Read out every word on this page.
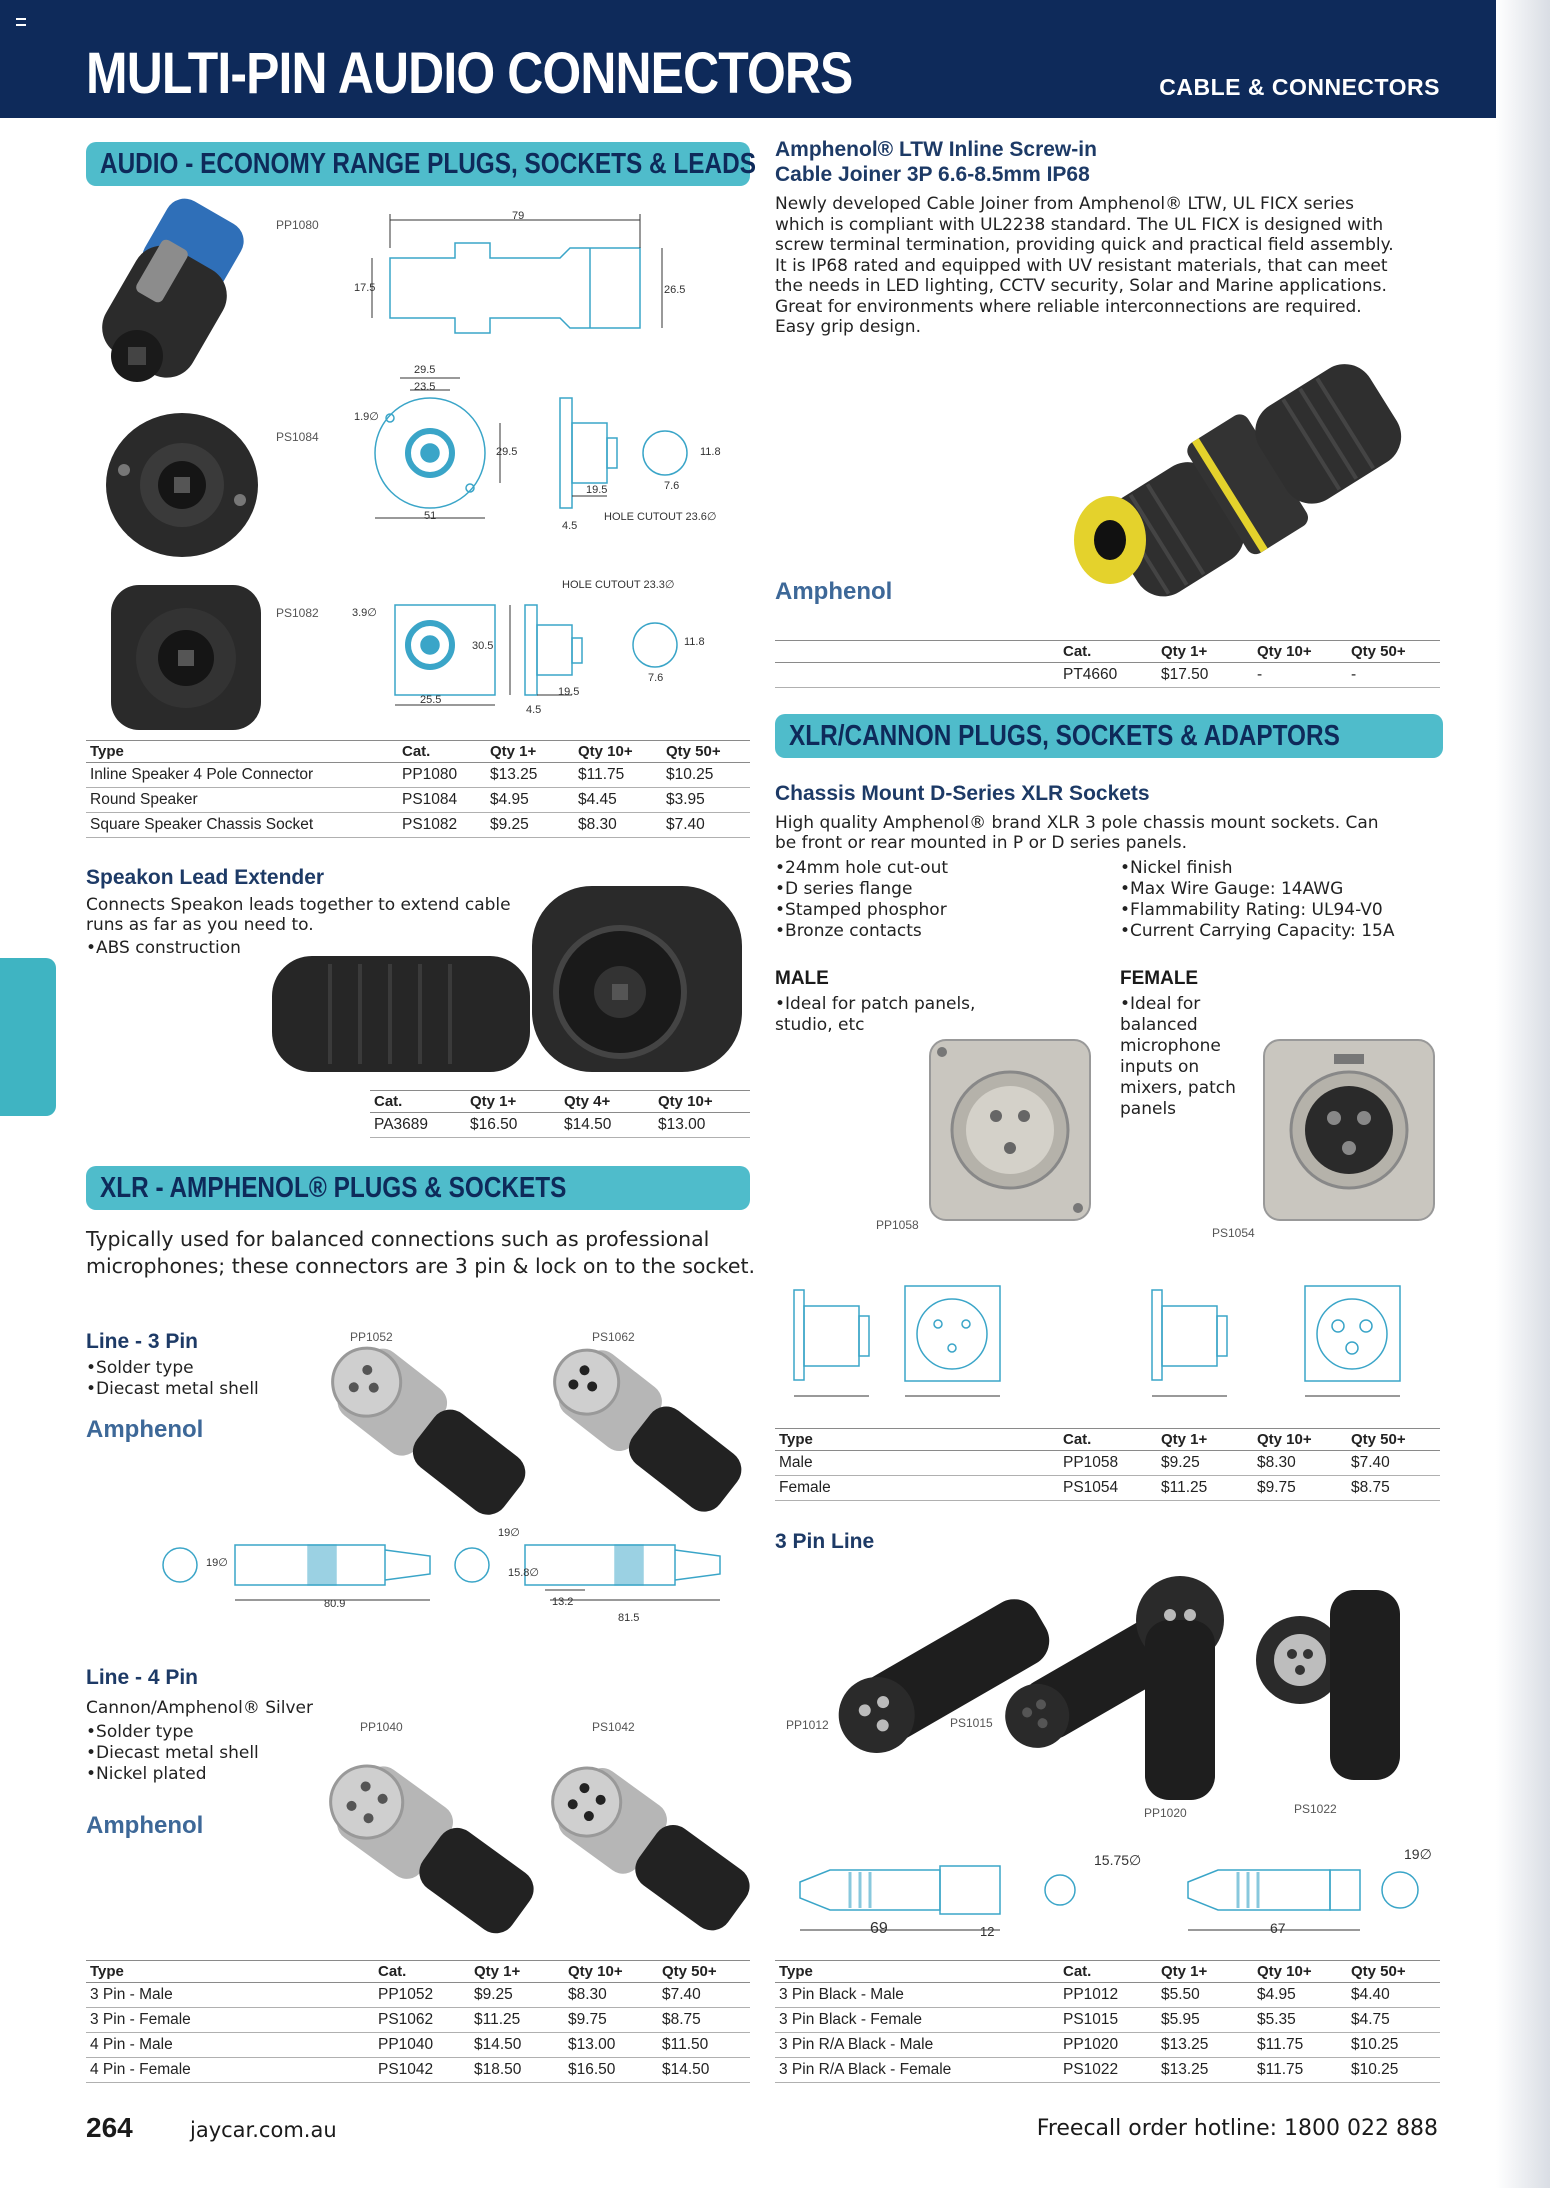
MULTI-PIN AUDIO CONNECTORS	CABLE & CONNECTORS
AUDIO - ECONOMY RANGE PLUGS, SOCKETS & LEADS
PP1080
79
17.5	26.5
PS1084
29.5
23.5
1.9∅
29.5
51
19.5
4.5
11.8
7.6
HOLE CUTOUT 23.6∅
PS1082
HOLE CUTOUT 23.3∅
3.9∅
30.5
25.5
19.5
4.5
11.8
7.6
Type	Cat.	Qty 1+	Qty 10+	Qty 50+
Inline Speaker 4 Pole Connector	PP1080	$13.25	$11.75	$10.25
Round Speaker	PS1084	$4.95	$4.45	$3.95
Square Speaker Chassis Socket	PS1082	$9.25	$8.30	$7.40
Speakon Lead Extender
Connects Speakon leads together to extend cable runs as far as you need to.
• ABS construction
Cat.	Qty 1+	Qty 4+	Qty 10+
PA3689	$16.50	$14.50	$13.00
XLR - AMPHENOL® PLUGS & SOCKETS
Typically used for balanced connections such as professional microphones; these connectors are 3 pin & lock on to the socket.
Line - 3 Pin
• Solder type
• Diecast metal shell
Amphenol
PP1052	PS1062
19∅
80.9
19∅
15.8∅
13.2
81.5
Line - 4 Pin
Cannon/Amphenol® Silver
• Solder type
• Diecast metal shell
• Nickel plated
Amphenol
PP1040	PS1042
Type	Cat.	Qty 1+	Qty 10+	Qty 50+
3 Pin - Male	PP1052	$9.25	$8.30	$7.40
3 Pin - Female	PS1062	$11.25	$9.75	$8.75
4 Pin - Male	PP1040	$14.50	$13.00	$11.50
4 Pin - Female	PS1042	$18.50	$16.50	$14.50
Amphenol® LTW Inline Screw-in
Cable Joiner 3P 6.6-8.5mm IP68
Newly developed Cable Joiner from Amphenol® LTW, UL FICX series which is compliant with UL2238 standard. The UL FICX is designed with screw terminal termination, providing quick and practical field assembly. It is IP68 rated and equipped with UV resistant materials, that can meet the needs in LED lighting, CCTV security, Solar and Marine applications. Great for environments where reliable interconnections are required. Easy grip design.
Amphenol
	Cat.	Qty 1+	Qty 10+	Qty 50+
	PT4660	$17.50	-	-
XLR/CANNON PLUGS, SOCKETS & ADAPTORS
Chassis Mount D-Series XLR Sockets
High quality Amphenol® brand XLR 3 pole chassis mount sockets. Can be front or rear mounted in P or D series panels.
• 24mm hole cut-out
• D series flange
• Stamped phosphor
• Bronze contacts
• Nickel finish
• Max Wire Gauge: 14AWG
• Flammability Rating: UL94-V0
• Current Carrying Capacity: 15A
MALE
• Ideal for patch panels, studio, etc
FEMALE
• Ideal for balanced microphone inputs on mixers, patch panels
PP1058
PS1054
Type	Cat.	Qty 1+	Qty 10+	Qty 50+
Male	PP1058	$9.25	$8.30	$7.40
Female	PS1054	$11.25	$9.75	$8.75
3 Pin Line
PP1012	PS1015
PP1020	PS1022
15.75∅
69	12
19∅
67
Type	Cat.	Qty 1+	Qty 10+	Qty 50+
3 Pin Black - Male	PP1012	$5.50	$4.95	$4.40
3 Pin Black - Female	PS1015	$5.95	$5.35	$4.75
3 Pin R/A Black - Male	PP1020	$13.25	$11.75	$10.25
3 Pin R/A Black - Female	PS1022	$13.25	$11.75	$10.25
264	jaycar.com.au	Freecall order hotline: 1800 022 888
